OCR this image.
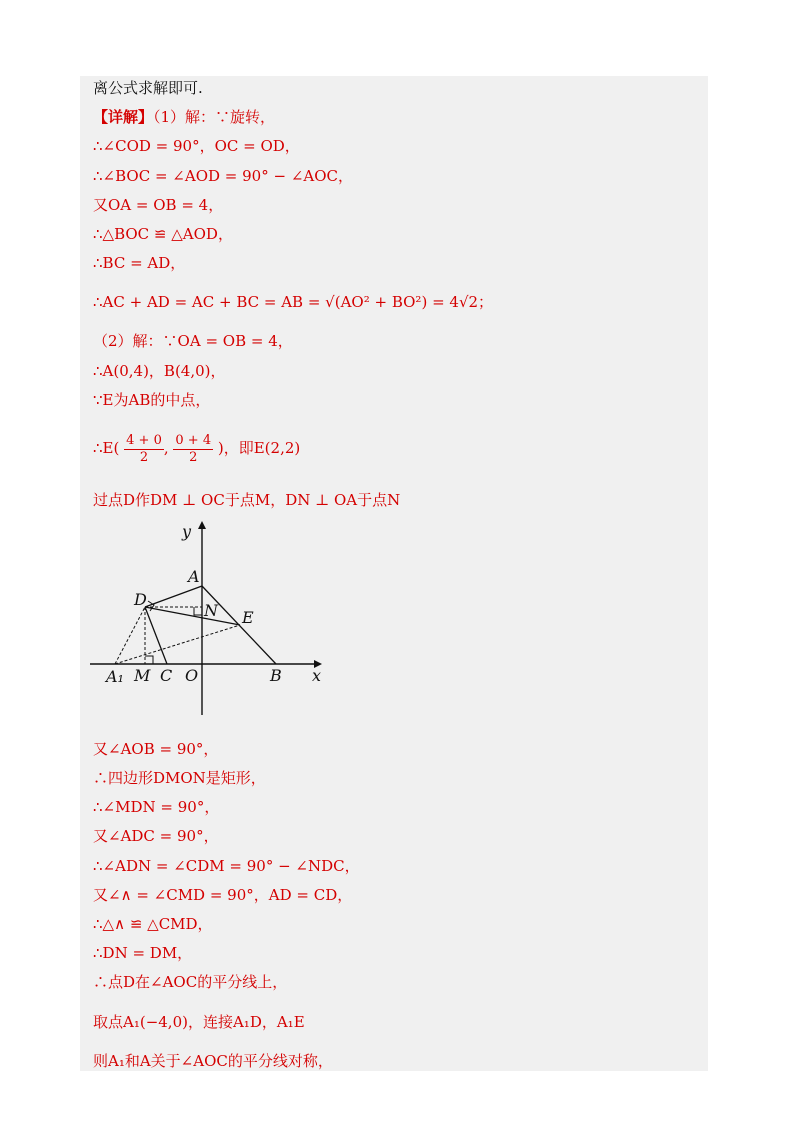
离公式求解即可.
【详解】（1）解：∵旋转，
∴∠COD = 90°，OC = OD，
∴∠BOC = ∠AOD = 90° − ∠AOC，
又OA = OB = 4，
∴△BOC ≌ △AOD，
∴BC = AD，
∴AC + AD = AC + BC = AB = √(AO² + BO²) = 4√2；
（2）解：∵OA = OB = 4，
∴A(0,4)，B(4,0)，
∵E为AB的中点，
∴E( $\frac{4 + 0}{2}$ , $\frac{0 + 4}{2}$ )，即E(2,2)
过点D作DM ⊥ OC于点M，DN ⊥ OA于点N
y
x
A
D
N E
A₁ M C O	B
又∠AOB = 90°，
∴四边形DMON是矩形，
∴∠MDN = 90°，
又∠ADC = 90°，
∴∠ADN = ∠CDM = 90° − ∠NDC，
又∠∧ = ∠CMD = 90°，AD = CD，
∴△∧ ≌ △CMD，
∴DN = DM，
∴点D在∠AOC的平分线上，
取点A₁(−4,0)，连接A₁D，A₁E
则A₁和A关于∠AOC的平分线对称，
